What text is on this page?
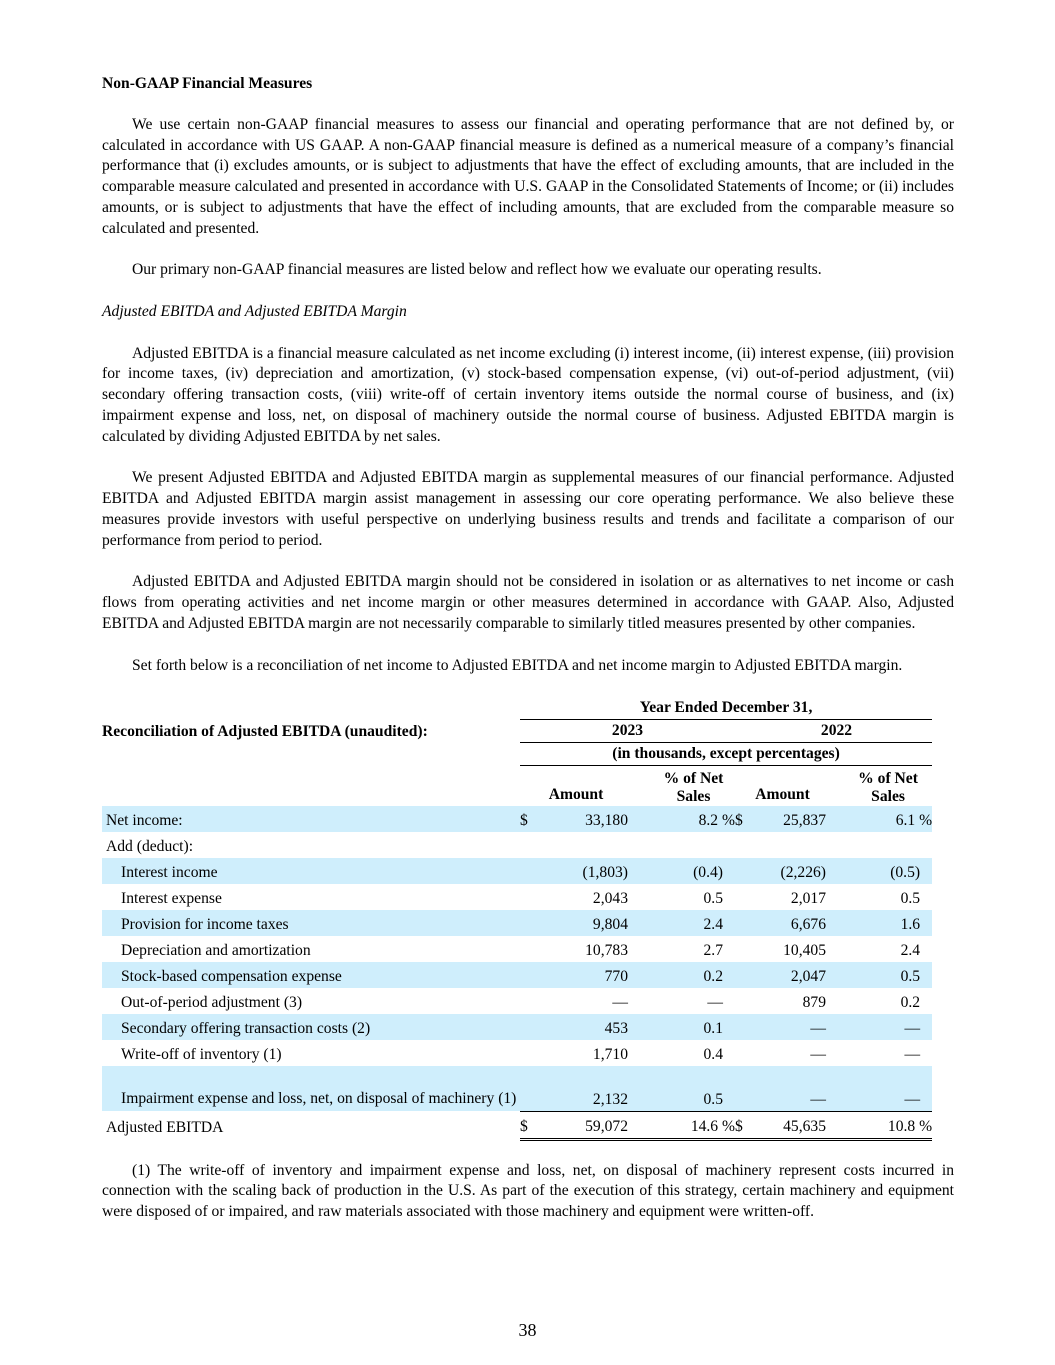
Non-GAAP Financial Measures

We use certain non-GAAP financial measures to assess our financial and operating performance that are not defined by, or calculated in accordance with US GAAP. A non-GAAP financial measure is defined as a numerical measure of a company’s financial performance that (i) excludes amounts, or is subject to adjustments that have the effect of excluding amounts, that are included in the comparable measure calculated and presented in accordance with U.S. GAAP in the Consolidated Statements of Income; or (ii) includes amounts, or is subject to adjustments that have the effect of including amounts, that are excluded from the comparable measure so calculated and presented.

Our primary non-GAAP financial measures are listed below and reflect how we evaluate our operating results.

Adjusted EBITDA and Adjusted EBITDA Margin

Adjusted EBITDA is a financial measure calculated as net income excluding (i) interest income, (ii) interest expense, (iii) provision for income taxes, (iv) depreciation and amortization, (v) stock-based compensation expense, (vi) out-of-period adjustment, (vii) secondary offering transaction costs, (viii) write-off of certain inventory items outside the normal course of business, and (ix) impairment expense and loss, net, on disposal of machinery outside the normal course of business. Adjusted EBITDA margin is calculated by dividing Adjusted EBITDA by net sales.

We present Adjusted EBITDA and Adjusted EBITDA margin as supplemental measures of our financial performance. Adjusted EBITDA and Adjusted EBITDA margin assist management in assessing our core operating performance. We also believe these measures provide investors with useful perspective on underlying business results and trends and facilitate a comparison of our performance from period to period.

Adjusted EBITDA and Adjusted EBITDA margin should not be considered in isolation or as alternatives to net income or cash flows from operating activities and net income margin or other measures determined in accordance with GAAP. Also, Adjusted EBITDA and Adjusted EBITDA margin are not necessarily comparable to similarly titled measures presented by other companies.

Set forth below is a reconciliation of net income to Adjusted EBITDA and net income margin to Adjusted EBITDA margin.

	Year Ended December 31,					
Reconciliation of Adjusted EBITDA (unaudited):	2023			2022		
	(in thousands, except percentages)					
	Amount		% of Net Sales	Amount		% of Net Sales
Net income:	$	33,180	8.2 %	$	25,837	6.1 %
Add (deduct):						
Interest income		(1,803)	(0.4)		(2,226)	(0.5)
Interest expense		2,043	0.5		2,017	0.5
Provision for income taxes		9,804	2.4		6,676	1.6
Depreciation and amortization		10,783	2.7		10,405	2.4
Stock-based compensation expense		770	0.2		2,047	0.5
Out-of-period adjustment (3)		—	—		879	0.2
Secondary offering transaction costs (2)		453	0.1		—	—
Write-off of inventory (1)		1,710	0.4		—	—
Impairment expense and loss, net, on disposal of machinery (1)		2,132	0.5		—	—
Adjusted EBITDA	$	59,072	14.6 %	$	45,635	10.8 %

(1) The write-off of inventory and impairment expense and loss, net, on disposal of machinery represent costs incurred in connection with the scaling back of production in the U.S. As part of the execution of this strategy, certain machinery and equipment were disposed of or impaired, and raw materials associated with those machinery and equipment were written-off.

38
